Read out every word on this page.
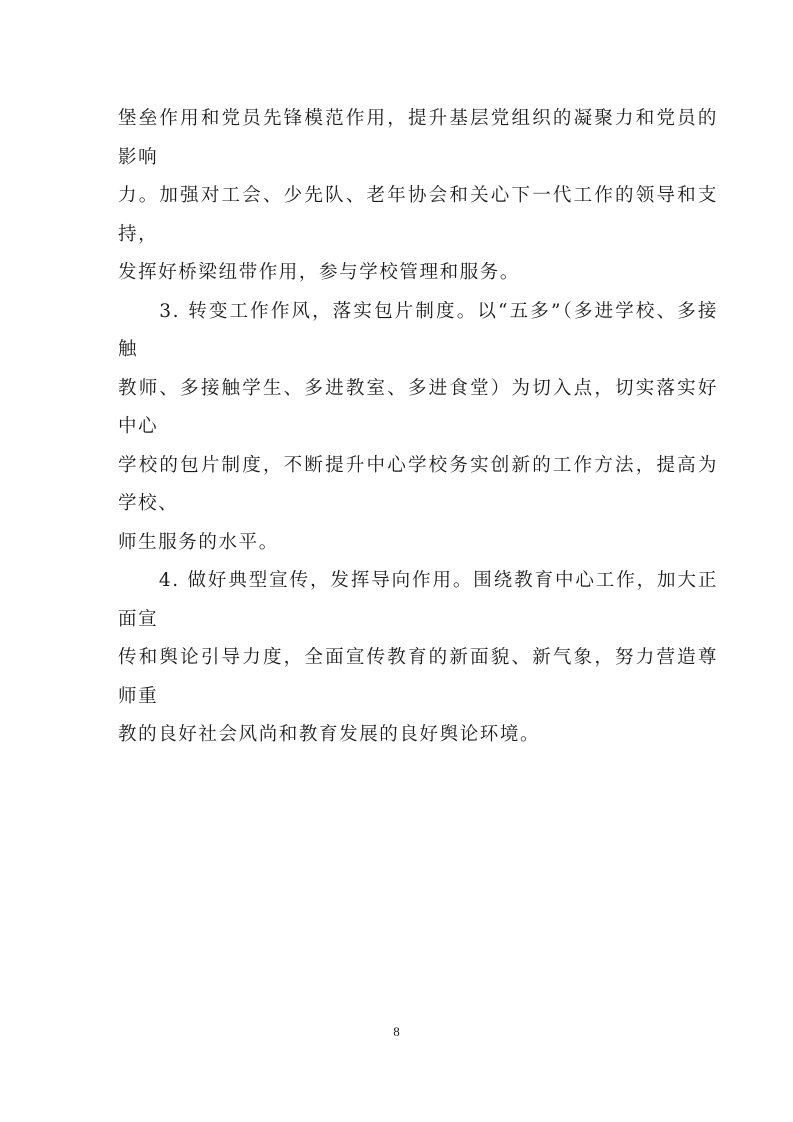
堡垒作用和党员先锋模范作用，提升基层党组织的凝聚力和党员的影响
力。加强对工会、少先队、老年协会和关心下一代工作的领导和支持，
发挥好桥梁纽带作用，参与学校管理和服务。

　　3. 转变工作作风，落实包片制度。以“五多”（多进学校、多接触
教师、多接触学生、多进教室、多进食堂）为切入点，切实落实好中心
学校的包片制度，不断提升中心学校务实创新的工作方法，提高为学校、
师生服务的水平。

　　4. 做好典型宣传，发挥导向作用。围绕教育中心工作，加大正面宣
传和舆论引导力度，全面宣传教育的新面貌、新气象，努力营造尊师重
教的良好社会风尚和教育发展的良好舆论环境。

8
